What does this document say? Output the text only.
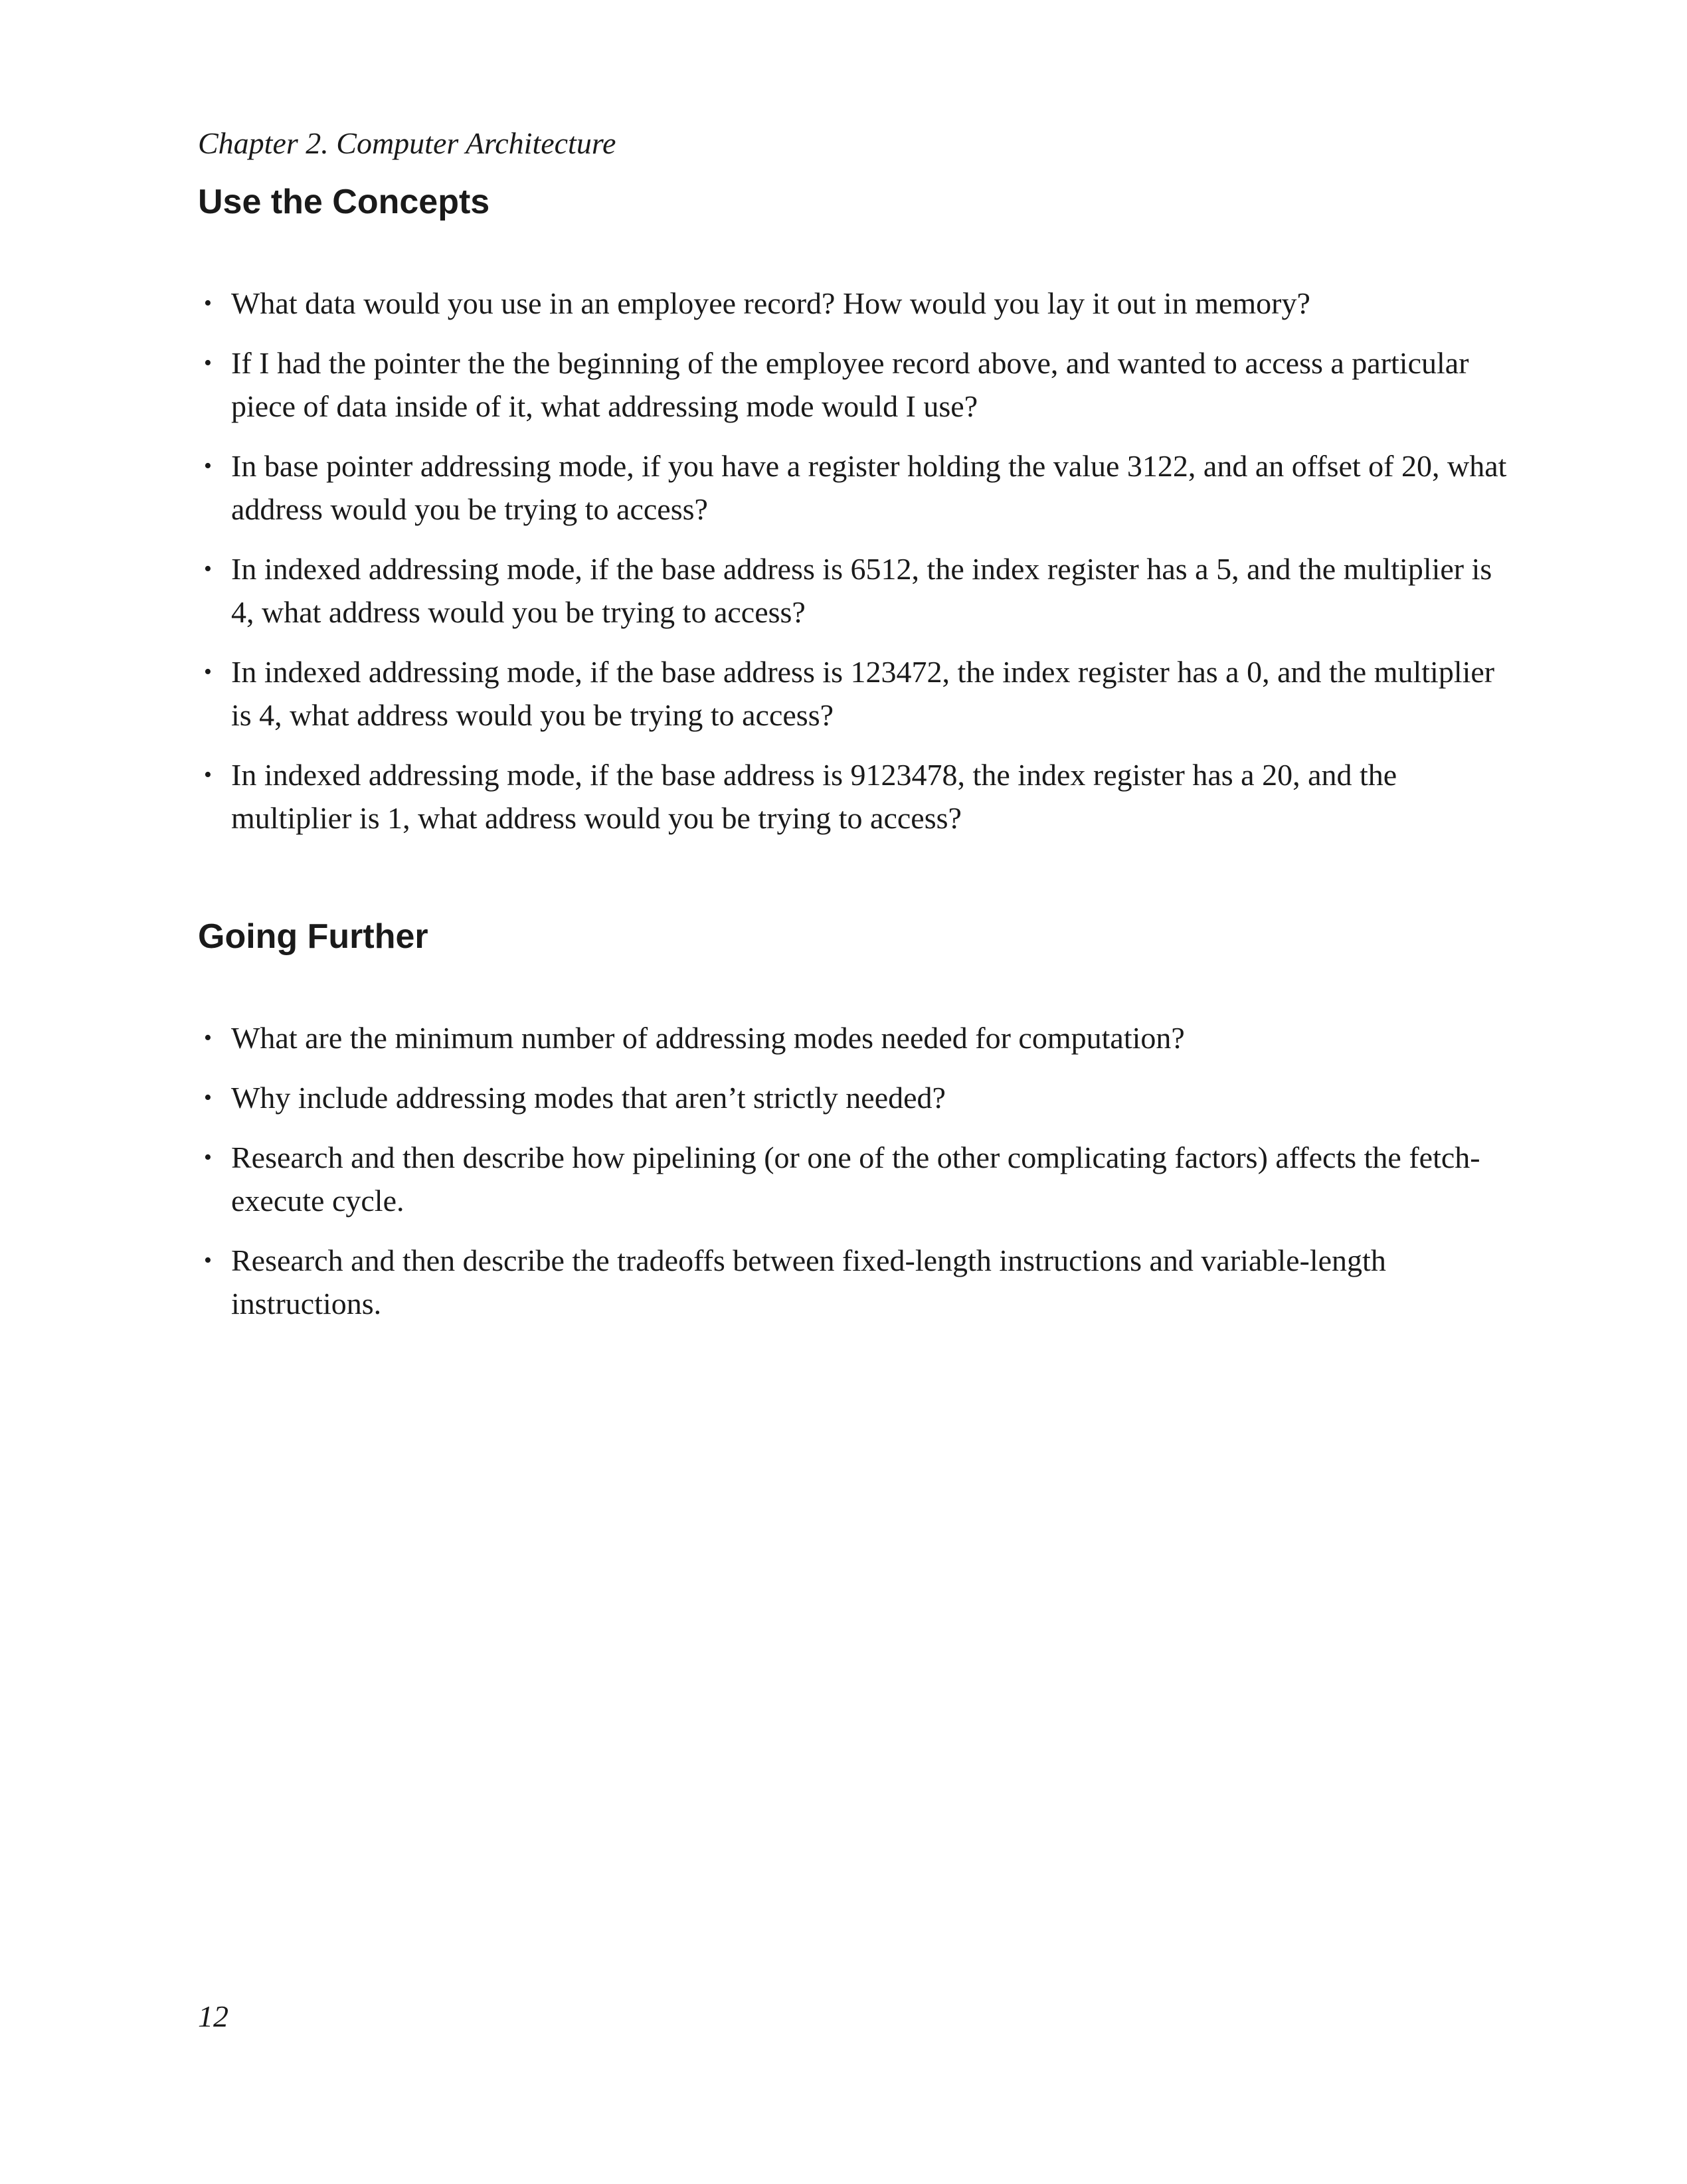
Chapter 2. Computer Architecture
Use the Concepts
• What data would you use in an employee record? How would you lay it out in memory?
• If I had the pointer the the beginning of the employee record above, and wanted to access a particular piece of data inside of it, what addressing mode would I use?
• In base pointer addressing mode, if you have a register holding the value 3122, and an offset of 20, what address would you be trying to access?
• In indexed addressing mode, if the base address is 6512, the index register has a 5, and the multiplier is 4, what address would you be trying to access?
• In indexed addressing mode, if the base address is 123472, the index register has a 0, and the multiplier is 4, what address would you be trying to access?
• In indexed addressing mode, if the base address is 9123478, the index register has a 20, and the multiplier is 1, what address would you be trying to access?
Going Further
• What are the minimum number of addressing modes needed for computation?
• Why include addressing modes that aren’t strictly needed?
• Research and then describe how pipelining (or one of the other complicating factors) affects the fetch-execute cycle.
• Research and then describe the tradeoffs between fixed-length instructions and variable-length instructions.
12
